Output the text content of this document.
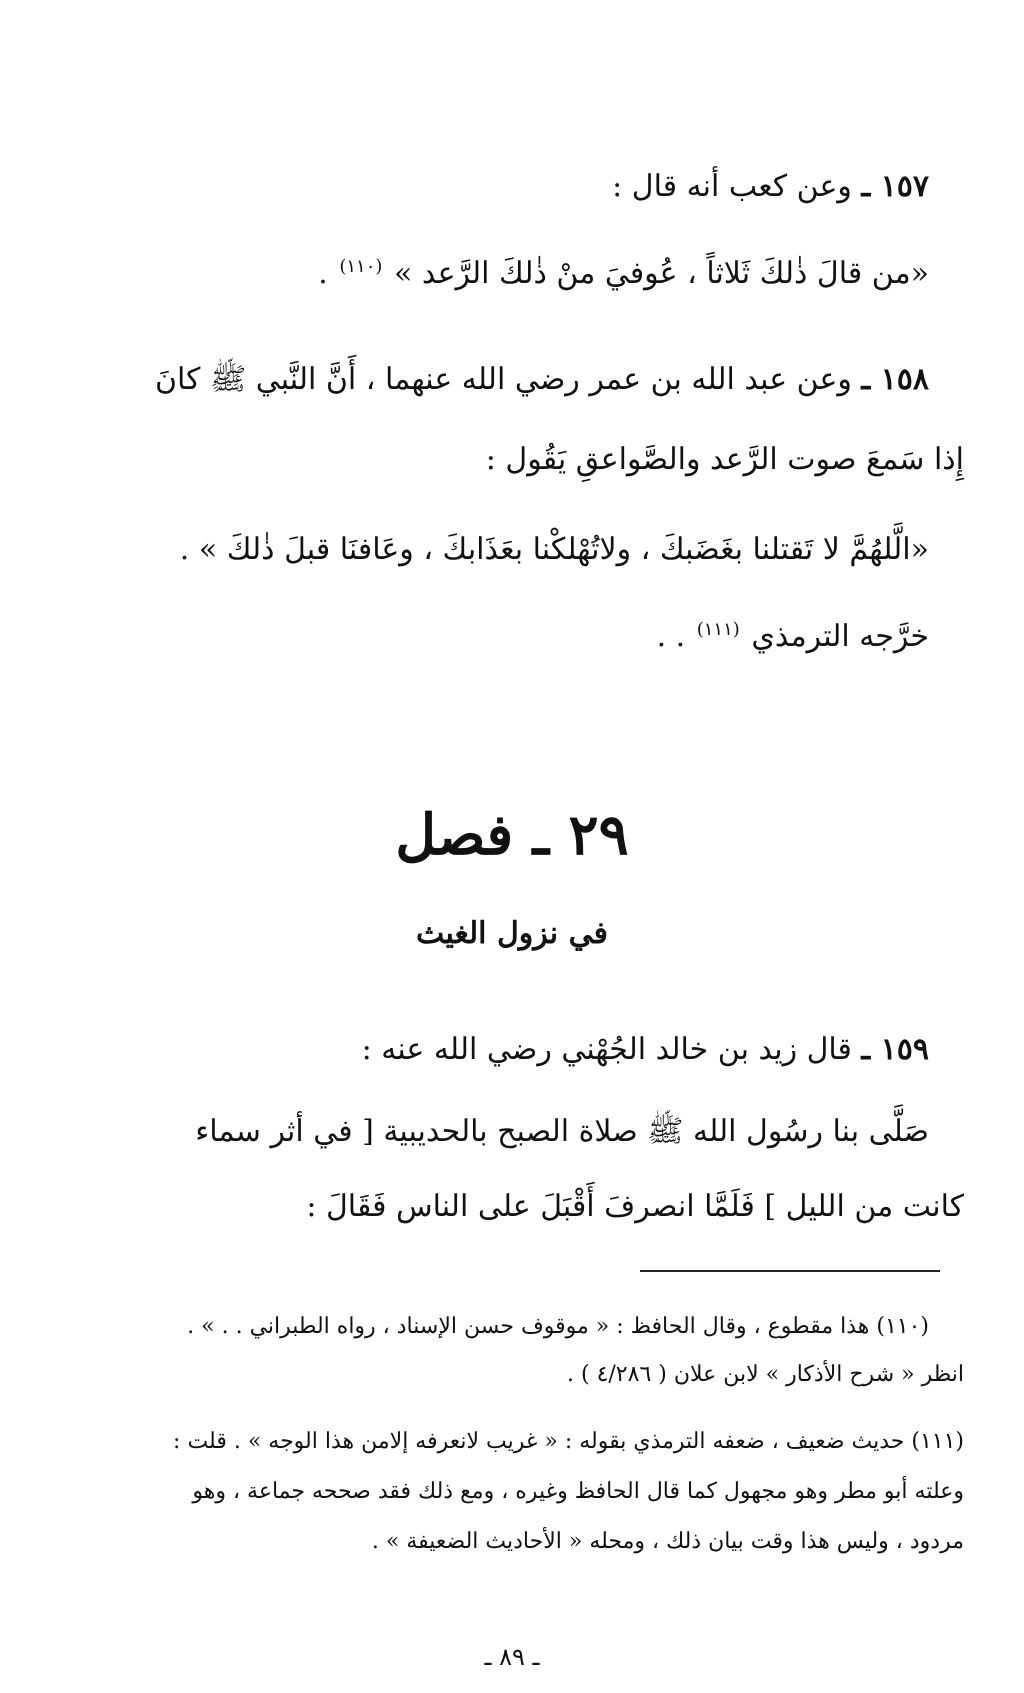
١٥٧ ـ وعن كعب أنه قال :
«من قالَ ذٰلكَ ثَلاثاً ، عُوفيَ منْ ذٰلكَ الرَّعد » $^{(١١٠)}$ .
١٥٨ ـ وعن عبد الله بن عمر رضي الله عنهما ، أَنَّ النَّبي ﷺ كانَ
إِذا سَمعَ صوت الرَّعد والصَّواعقِ يَقُول :
«الَّلهُمَّ لا تَقتلنا بغَضَبكَ ، ولاتُهْلكْنا بعَذَابكَ ، وعَافنَا قبلَ ذٰلكَ » .
خرَّجه الترمذي $^{(١١١)}$ . .
٢٩ ـ فصل
في نزول الغيث
١٥٩ ـ قال زيد بن خالد الجُهْني رضي الله عنه :
صَلَّى بنا رسُول الله ﷺ صلاة الصبح بالحديبية [ في أثر سماء
كانت من الليل ] فَلَمَّا انصرفَ أَقْبَلَ على الناس فَقَالَ :
(١١٠) هذا مقطوع ، وقال الحافظ : « موقوف حسن الإسناد ، رواه الطبراني . . » .
انظر « شرح الأذكار » لابن علان ( ٤/٢٨٦ ) .
(١١١) حديث ضعيف ، ضعفه الترمذي بقوله : « غريب لانعرفه إلامن هذا الوجه » . قلت :
وعلته أبو مطر وهو مجهول كما قال الحافظ وغيره ، ومع ذلك فقد صححه جماعة ، وهو
مردود ، وليس هذا وقت بيان ذلك ، ومحله « الأحاديث الضعيفة » .
ـ ٨٩ ـ
